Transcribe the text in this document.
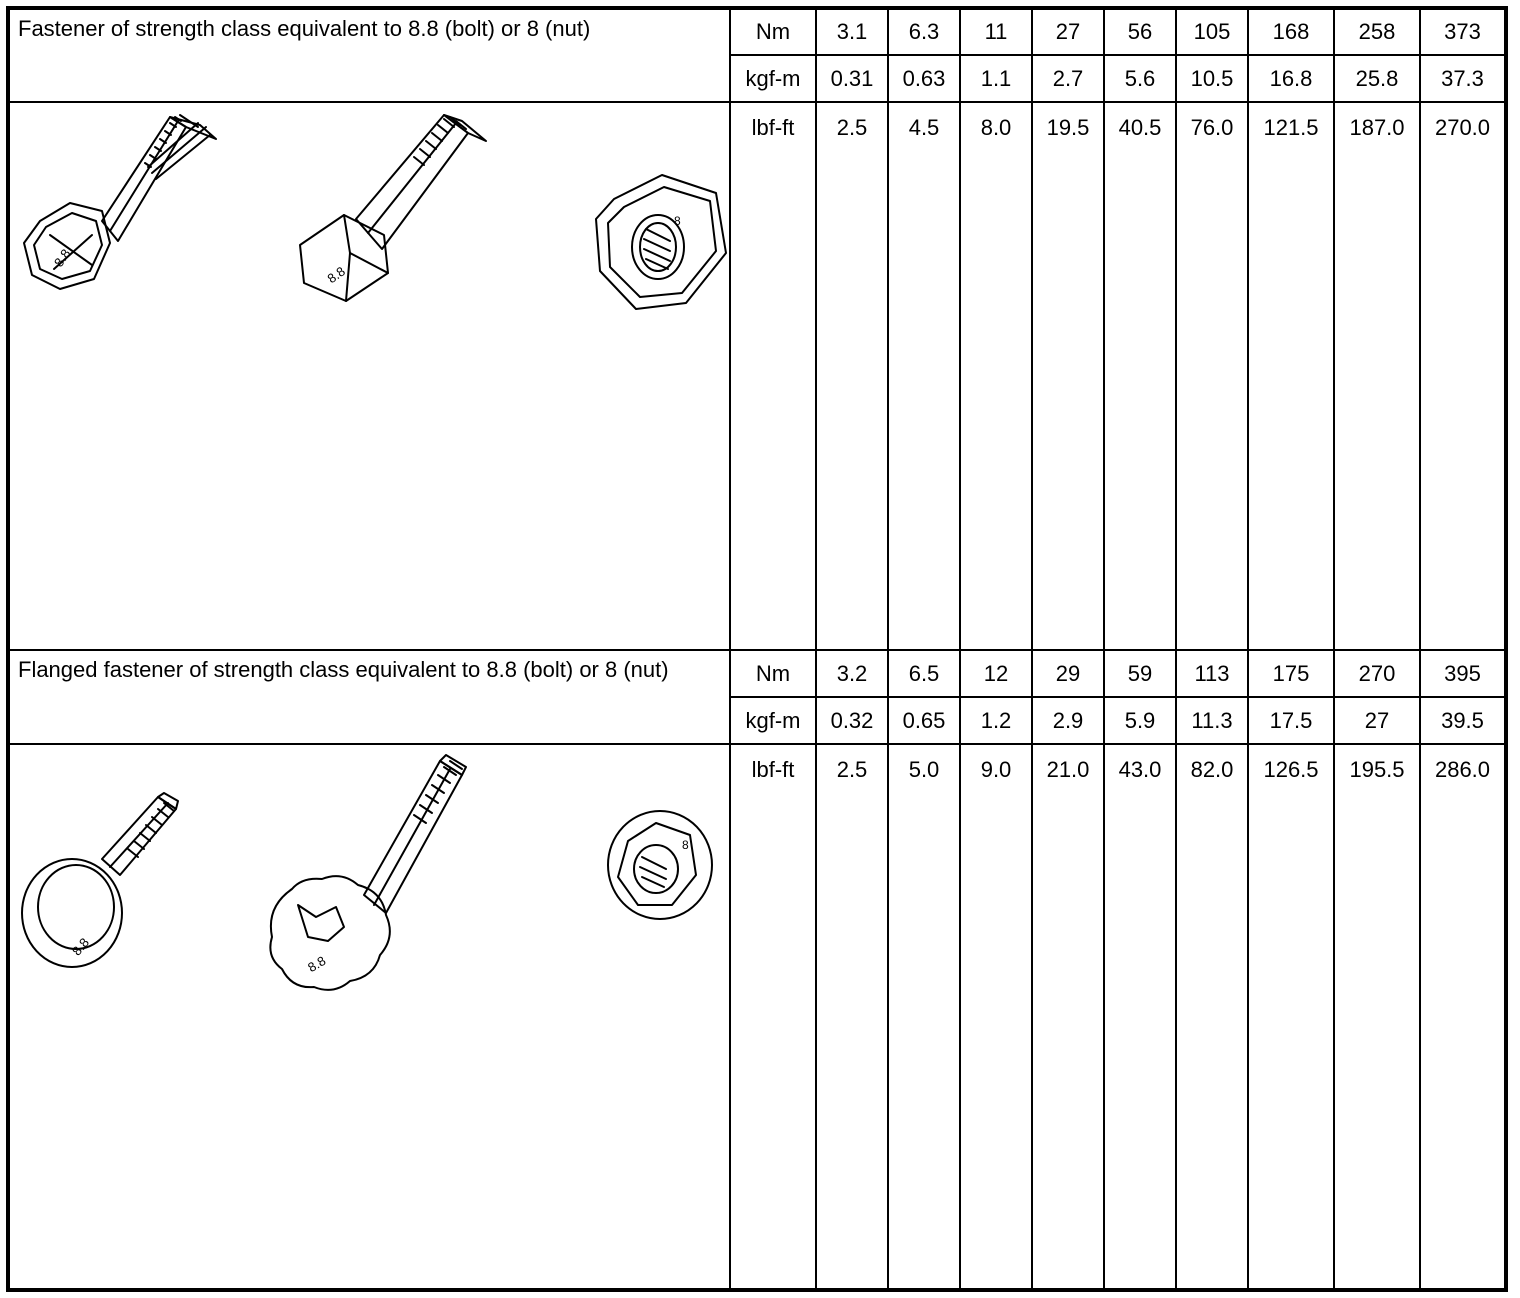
Fastener of strength class equivalent to 8.8 (bolt) or 8 (nut)	Nm	3.1	6.3	11	27	56	105	168	258	373
	kgf-m	0.31	0.63	1.1	2.7	5.6	10.5	16.8	25.8	37.3

8.8
8.8
8	lbf-ft	2.5	4.5	8.0	19.5	40.5	76.0	121.5	187.0	270.0
Flanged fastener of strength class equivalent to 8.8 (bolt) or 8 (nut)	Nm	3.2	6.5	12	29	59	113	175	270	395
	kgf-m	0.32	0.65	1.2	2.9	5.9	11.3	17.5	27	39.5

8.8
8.8
8	lbf-ft	2.5	5.0	9.0	21.0	43.0	82.0	126.5	195.5	286.0
